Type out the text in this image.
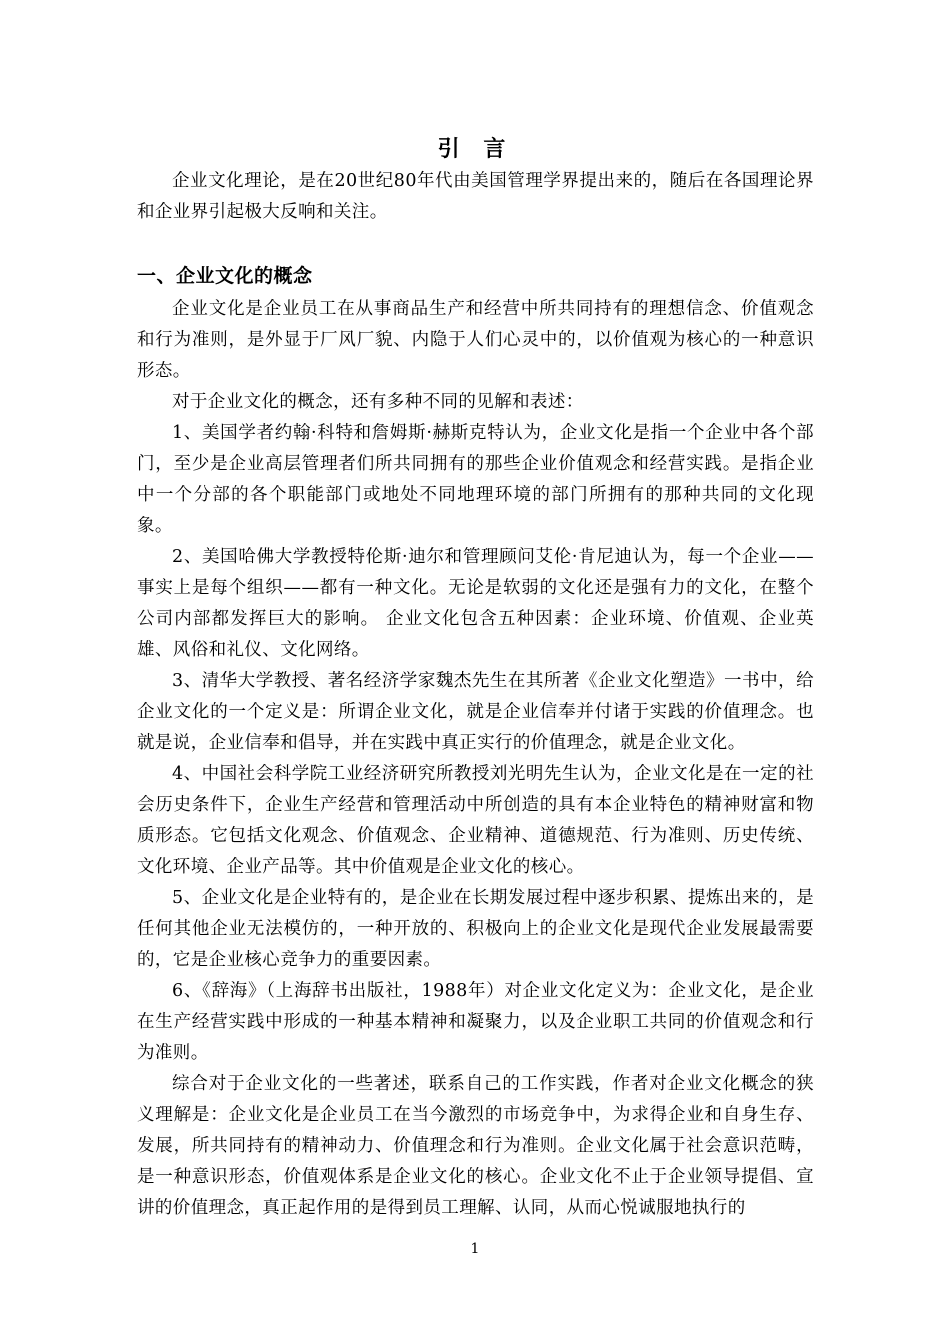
引 言

企业文化理论，是在20世纪80年代由美国管理学界提出来的，随后在各国理论界和企业界引起极大反响和关注。

一、企业文化的概念

企业文化是企业员工在从事商品生产和经营中所共同持有的理想信念、价值观念和行为准则，是外显于厂风厂貌、内隐于人们心灵中的，以价值观为核心的一种意识形态。

对于企业文化的概念，还有多种不同的见解和表述：

1、美国学者约翰·科特和詹姆斯·赫斯克特认为，企业文化是指一个企业中各个部门，至少是企业高层管理者们所共同拥有的那些企业价值观念和经营实践。是指企业中一个分部的各个职能部门或地处不同地理环境的部门所拥有的那种共同的文化现象。

2、美国哈佛大学教授特伦斯·迪尔和管理顾问艾伦·肯尼迪认为，每一个企业——事实上是每个组织——都有一种文化。无论是软弱的文化还是强有力的文化，在整个公司内部都发挥巨大的影响。 企业文化包含五种因素：企业环境、价值观、企业英雄、风俗和礼仪、文化网络。

3、清华大学教授、著名经济学家魏杰先生在其所著《企业文化塑造》一书中，给企业文化的一个定义是：所谓企业文化，就是企业信奉并付诸于实践的价值理念。也就是说，企业信奉和倡导，并在实践中真正实行的价值理念，就是企业文化。

4、中国社会科学院工业经济研究所教授刘光明先生认为，企业文化是在一定的社会历史条件下，企业生产经营和管理活动中所创造的具有本企业特色的精神财富和物质形态。它包括文化观念、价值观念、企业精神、道德规范、行为准则、历史传统、文化环境、企业产品等。其中价值观是企业文化的核心。

5、企业文化是企业特有的，是企业在长期发展过程中逐步积累、提炼出来的，是任何其他企业无法模仿的，一种开放的、积极向上的企业文化是现代企业发展最需要的，它是企业核心竞争力的重要因素。

6、《辞海》（上海辞书出版社，1988年）对企业文化定义为：企业文化，是企业在生产经营实践中形成的一种基本精神和凝聚力，以及企业职工共同的价值观念和行为准则。

综合对于企业文化的一些著述，联系自己的工作实践，作者对企业文化概念的狭义理解是：企业文化是企业员工在当今激烈的市场竞争中，为求得企业和自身生存、发展，所共同持有的精神动力、价值理念和行为准则。企业文化属于社会意识范畴，是一种意识形态，价值观体系是企业文化的核心。企业文化不止于企业领导提倡、宣讲的价值理念，真正起作用的是得到员工理解、认同，从而心悦诚服地执行的

1
